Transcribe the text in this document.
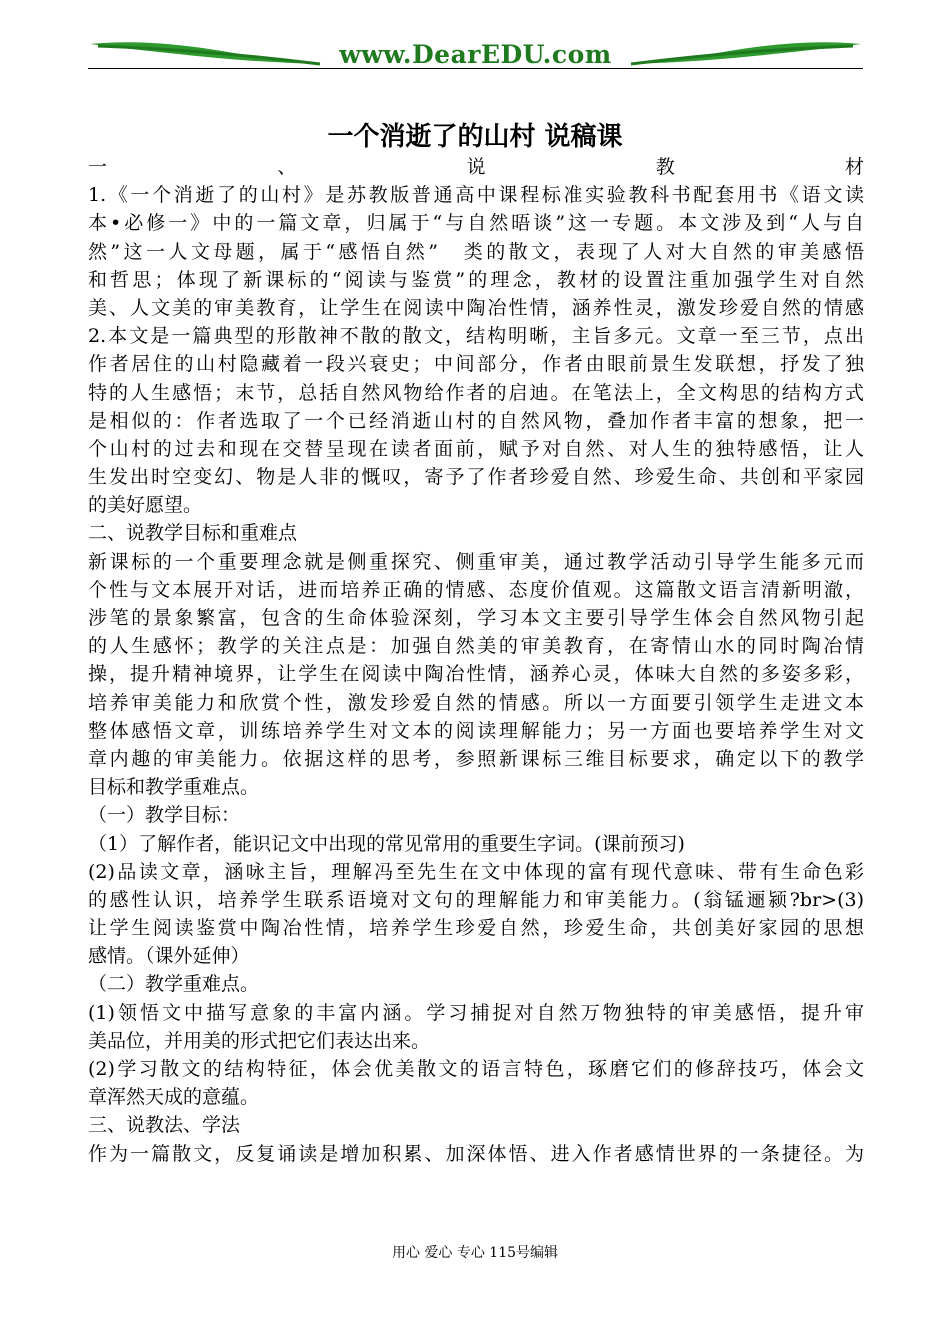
www.DearEDU.com
一个消逝了的山村 说稿课
一、说教材
1.《一个消逝了的山村》是苏教版普通高中课程标准实验教科书配套用书《语文读
本•必修一》中的一篇文章，归属于“与自然晤谈”这一专题。本文涉及到“人与自
然”这一人文母题，属于“感悟自然”　类的散文，表现了人对大自然的审美感悟
和哲思；体现了新课标的“阅读与鉴赏”的理念，教材的设置注重加强学生对自然
美、人文美的审美教育，让学生在阅读中陶冶性情，涵养性灵，激发珍爱自然的情感
2.本文是一篇典型的形散神不散的散文，结构明晰，主旨多元。文章一至三节，点出
作者居住的山村隐藏着一段兴衰史；中间部分，作者由眼前景生发联想，抒发了独
特的人生感悟；末节，总括自然风物给作者的启迪。在笔法上，全文构思的结构方式
是相似的：作者选取了一个已经消逝山村的自然风物，叠加作者丰富的想象，把一
个山村的过去和现在交替呈现在读者面前，赋予对自然、对人生的独特感悟，让人
生发出时空变幻、物是人非的慨叹，寄予了作者珍爱自然、珍爱生命、共创和平家园
的美好愿望。
二、说教学目标和重难点
新课标的一个重要理念就是侧重探究、侧重审美，通过教学活动引导学生能多元而
个性与文本展开对话，进而培养正确的情感、态度价值观。这篇散文语言清新明澈，
涉笔的景象繁富，包含的生命体验深刻，学习本文主要引导学生体会自然风物引起
的人生感怀；教学的关注点是：加强自然美的审美教育，在寄情山水的同时陶冶情
操，提升精神境界，让学生在阅读中陶冶性情，涵养心灵，体味大自然的多姿多彩，
培养审美能力和欣赏个性，激发珍爱自然的情感。所以一方面要引领学生走进文本
整体感悟文章，训练培养学生对文本的阅读理解能力；另一方面也要培养学生对文
章内趣的审美能力。依据这样的思考，参照新课标三维目标要求，确定以下的教学
目标和教学重难点。
（一）教学目标：
（1）了解作者，能识记文中出现的常见常用的重要生字词。(课前预习)
(2)品读文章，涵咏主旨，理解冯至先生在文中体现的富有现代意味、带有生命色彩
的感性认识，培养学生联系语境对文句的理解能力和审美能力。(翁锰逦颍?br>(3)
让学生阅读鉴赏中陶冶性情，培养学生珍爱自然，珍爱生命，共创美好家园的思想
感情。（课外延伸）
（二）教学重难点。
(1)领悟文中描写意象的丰富内涵。学习捕捉对自然万物独特的审美感悟，提升审
美品位，并用美的形式把它们表达出来。
(2)学习散文的结构特征，体会优美散文的语言特色，琢磨它们的修辞技巧，体会文
章浑然天成的意蕴。
三、说教法、学法
作为一篇散文，反复诵读是增加积累、加深体悟、进入作者感情世界的一条捷径。为
用心 爱心 专心 115号编辑
